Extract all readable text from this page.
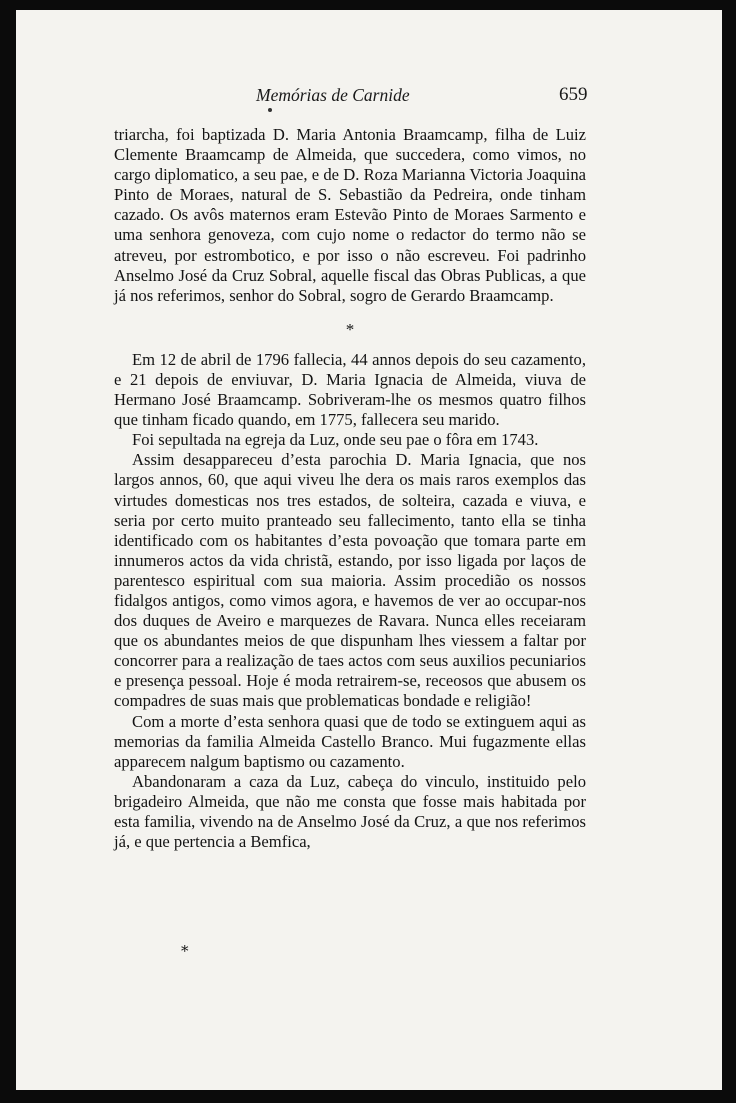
Memórias de Carnide	659

triarcha, foi baptizada D. Maria Antonia Braamcamp, filha de Luiz Clemente Braamcamp de Almeida, que succedera, como vimos, no cargo diplomatico, a seu pae, e de D. Roza Marianna Victoria Joaquina Pinto de Moraes, natural de S. Sebastião da Pedreira, onde tinham cazado. Os avôs maternos eram Estevão Pinto de Moraes Sarmento e uma senhora genoveza, com cujo nome o redactor do termo não se atreveu, por estrombotico, e por isso o não escreveu. Foi padrinho Anselmo José da Cruz Sobral, aquelle fiscal das Obras Publicas, a que já nos referimos, senhor do Sobral, sogro de Gerardo Braamcamp.

*

Em 12 de abril de 1796 fallecia, 44 annos depois do seu cazamento, e 21 depois de enviuvar, D. Maria Ignacia de Almeida, viuva de Hermano José Braamcamp. Sobriveram-lhe os mesmos quatro filhos que tinham ficado quando, em 1775, fallecera seu marido.

Foi sepultada na egreja da Luz, onde seu pae o fôra em 1743.

Assim desappareceu d’esta parochia D. Maria Ignacia, que nos largos annos, 60, que aqui viveu lhe dera os mais raros exemplos das virtudes domesticas nos tres estados, de solteira, cazada e viuva, e seria por certo muito pranteado seu fallecimento, tanto ella se tinha identificado com os habitantes d’esta povoação que tomara parte em innumeros actos da vida christã, estando, por isso ligada por laços de parentesco espiritual com sua maioria. Assim procedião os nossos fidalgos antigos, como vimos agora, e havemos de ver ao occupar-nos dos duques de Aveiro e marquezes de Ravara. Nunca elles receiaram que os abundantes meios de que dispunham lhes viessem a faltar por concorrer para a realização de taes actos com seus auxilios pecuniarios e presença pessoal. Hoje é moda retrairem-se, receosos que abusem os compadres de suas mais que problematicas bondade e religião!

Com a morte d’esta senhora quasi que de todo se extinguem aqui as memorias da familia Almeida Castello Branco. Mui fugazmente ellas apparecem nalgum baptismo ou cazamento.

Abandonaram a caza da Luz, cabeça do vinculo, instituido pelo brigadeiro Almeida, que não me consta que fosse mais habitada por esta familia, vivendo na de Anselmo José da Cruz, a que nos referimos já, e que pertencia a Bemfica,

*
